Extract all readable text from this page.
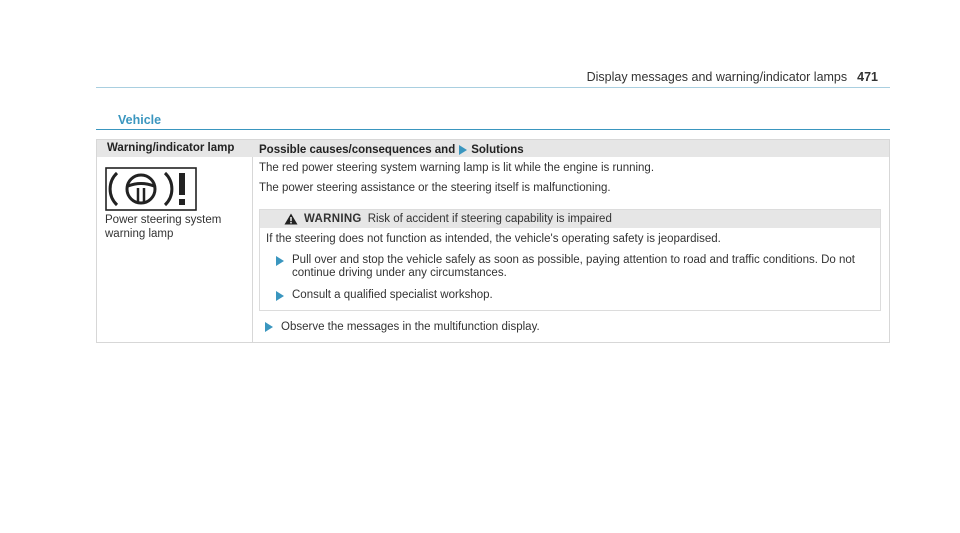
Display messages and warning/indicator lamps 471
Vehicle
Warning/indicator lamp	Possible causes/consequences and Solutions
Power steering system
warning lamp

The red power steering system warning lamp is lit while the engine is running.

The power steering assistance or the steering itself is malfunctioning.

WARNING Risk of accident if steering capability is impaired
If the steering does not function as intended, the vehicle's operating safety is jeopardised.
Pull over and stop the vehicle safely as soon as possible, paying attention to road and traffic conditions. Do not continue driving under any circumstances.
Consult a qualified specialist workshop.
Observe the messages in the multifunction display.
